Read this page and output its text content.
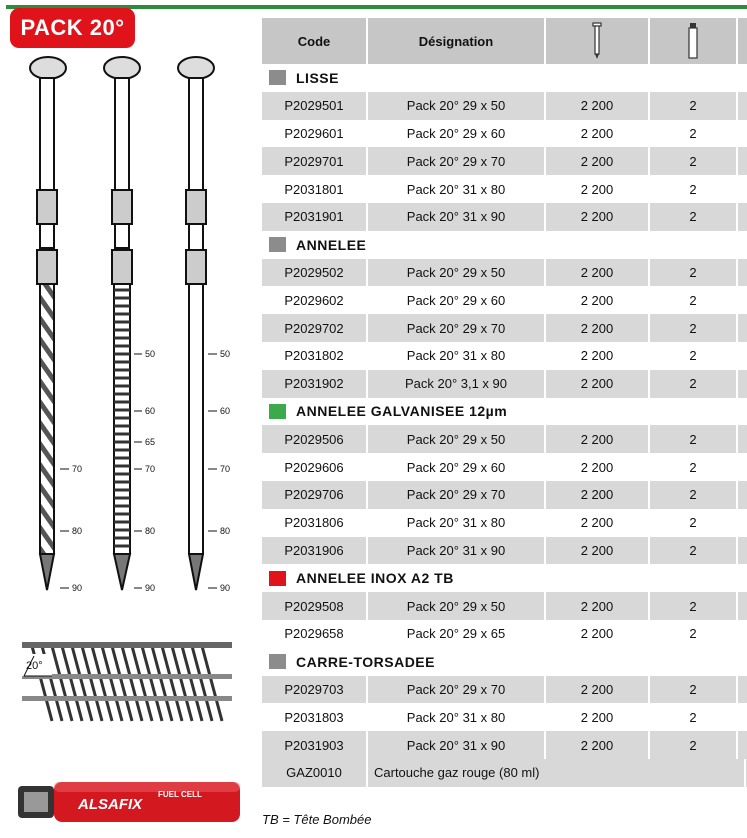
PACK 20°
50
60
65
70
80
90
50
60
70
80
90
70
80
90
20°
ALSAFIX
FUEL CELL
Code	Désignation
LISSE
P2029501	Pack 20° 29 x 50	2 200	2
P2029601	Pack 20° 29 x 60	2 200	2
P2029701	Pack 20° 29 x 70	2 200	2
P2031801	Pack 20° 31 x 80	2 200	2
P2031901	Pack 20° 31 x 90	2 200	2
ANNELEE
P2029502	Pack 20° 29 x 50	2 200	2
P2029602	Pack 20° 29 x 60	2 200	2
P2029702	Pack 20° 29 x 70	2 200	2
P2031802	Pack 20° 31 x 80	2 200	2
P2031902	Pack 20° 3,1 x 90	2 200	2
ANNELEE GALVANISEE 12µm
P2029506	Pack 20° 29 x 50	2 200	2
P2029606	Pack 20° 29 x 60	2 200	2
P2029706	Pack 20° 29 x 70	2 200	2
P2031806	Pack 20° 31 x 80	2 200	2
P2031906	Pack 20° 31 x 90	2 200	2
ANNELEE INOX A2 TB
P2029508	Pack 20° 29 x 50	2 200	2
P2029658	Pack 20° 29 x 65	2 200	2
CARRE-TORSADEE
P2029703	Pack 20° 29 x 70	2 200	2
P2031803	Pack 20° 31 x 80	2 200	2
P2031903	Pack 20° 31 x 90	2 200	2
GAZ0010	Cartouche gaz rouge (80 ml)
TB = Tête Bombée
